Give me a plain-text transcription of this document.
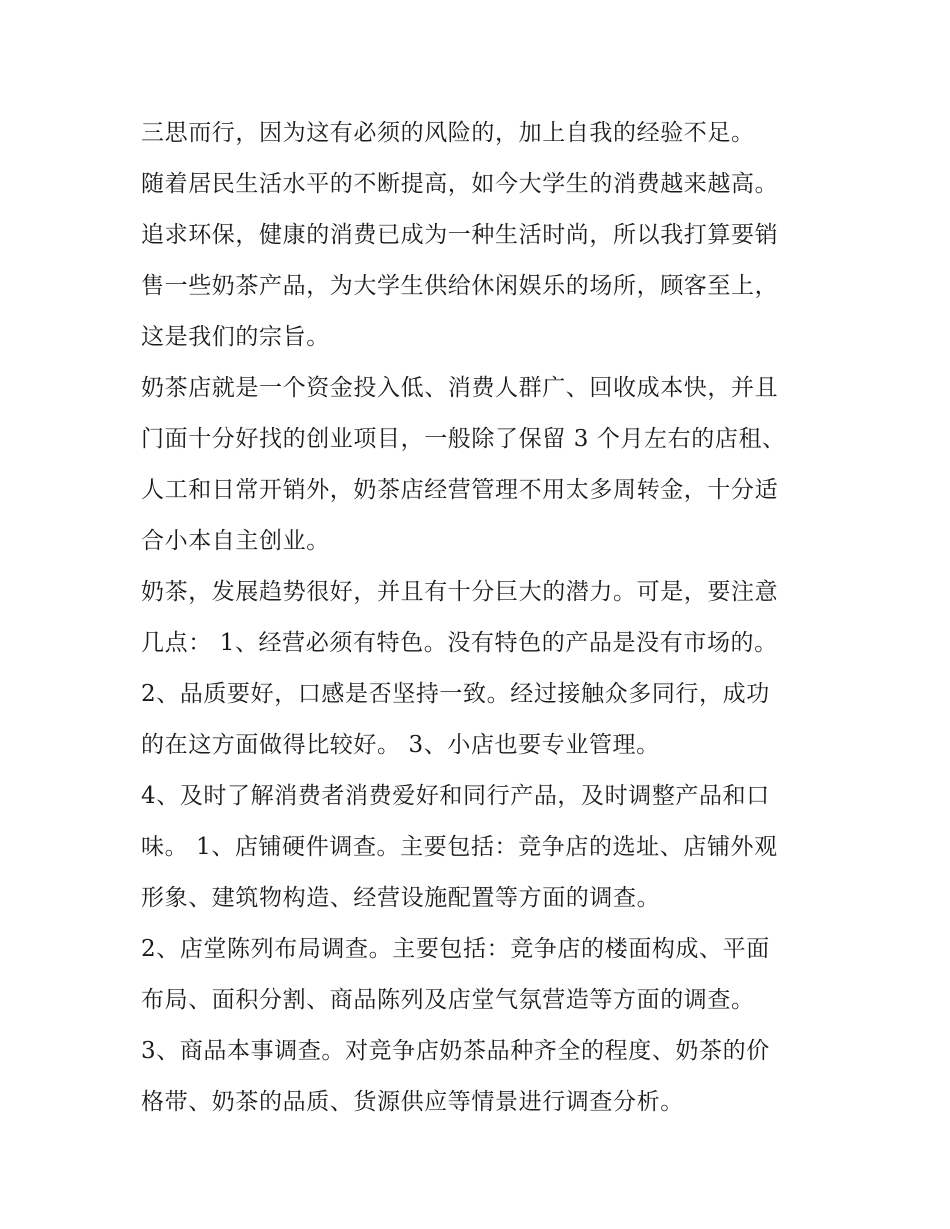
三思而行，因为这有必须的风险的，加上自我的经验不足。
随着居民生活水平的不断提高，如今大学生的消费越来越高。
追求环保，健康的消费已成为一种生活时尚，所以我打算要销
售一些奶茶产品，为大学生供给休闲娱乐的场所，顾客至上，
这是我们的宗旨。
奶茶店就是一个资金投入低、消费人群广、回收成本快，并且
门面十分好找的创业项目，一般除了保留 3 个月左右的店租、
人工和日常开销外，奶茶店经营管理不用太多周转金，十分适
合小本自主创业。
奶茶，发展趋势很好，并且有十分巨大的潜力。可是，要注意
几点： 1、经营必须有特色。没有特色的产品是没有市场的。
2、品质要好，口感是否坚持一致。经过接触众多同行，成功
的在这方面做得比较好。 3、小店也要专业管理。
4、及时了解消费者消费爱好和同行产品，及时调整产品和口
味。 1、店铺硬件调查。主要包括：竞争店的选址、店铺外观
形象、建筑物构造、经营设施配置等方面的调查。
2、店堂陈列布局调查。主要包括：竞争店的楼面构成、平面
布局、面积分割、商品陈列及店堂气氛营造等方面的调查。
3、商品本事调查。对竞争店奶茶品种齐全的程度、奶茶的价
格带、奶茶的品质、货源供应等情景进行调查分析。
